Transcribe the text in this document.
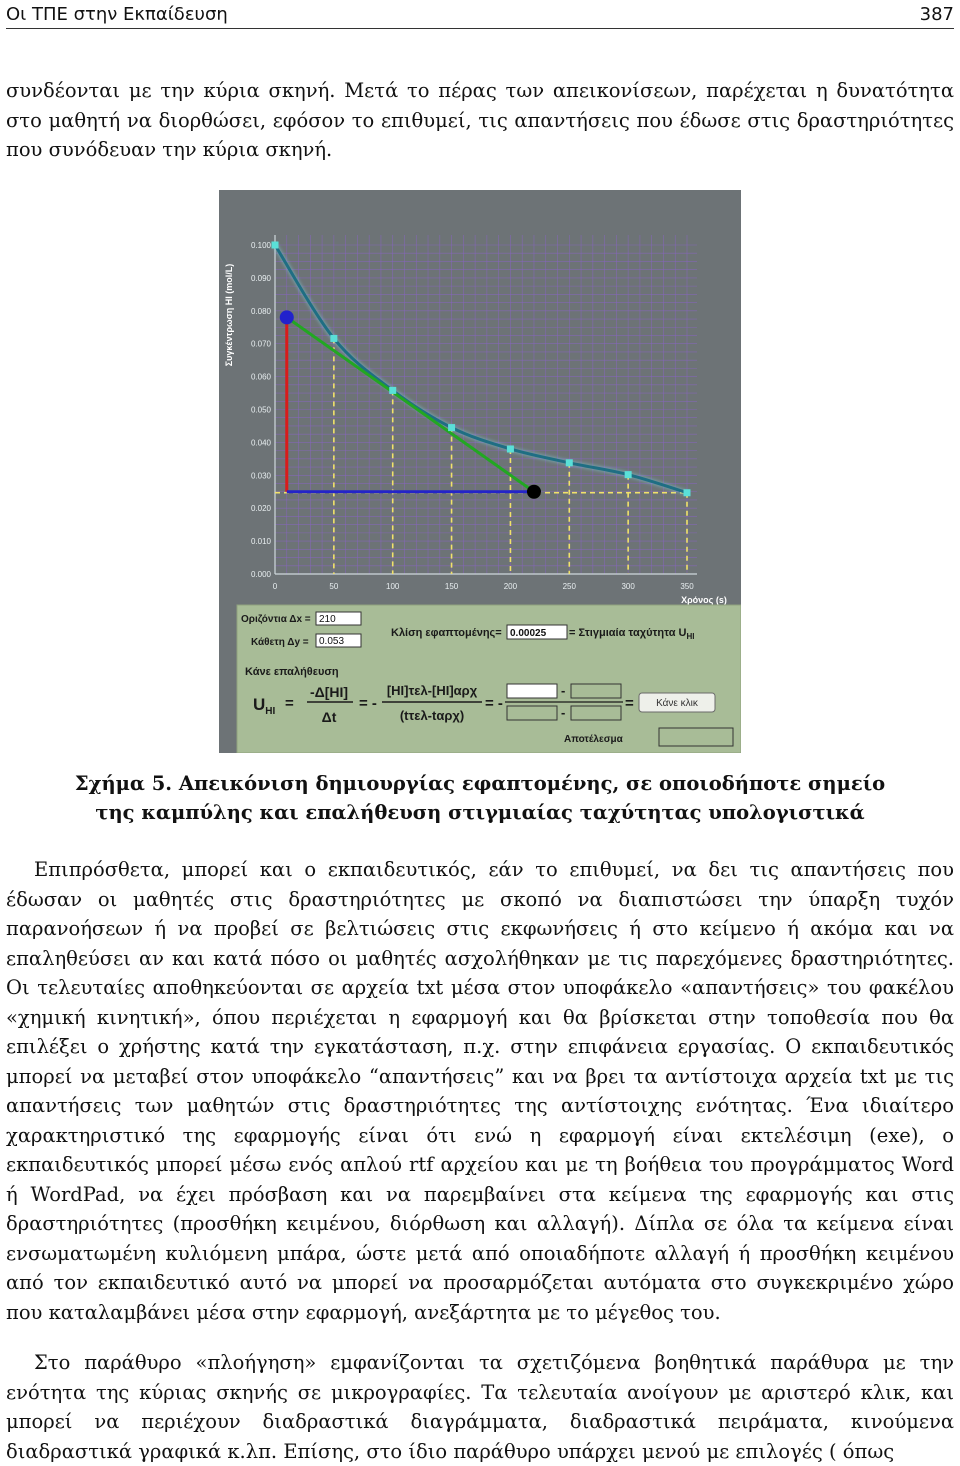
Οι ΤΠΕ στην Εκπαίδευση	387

συνδέονται με την κύρια σκηνή. Μετά το πέρας των απεικονίσεων, παρέχεται η δυνατότητα στο μαθητή να διορθώσει, εφόσον το επιθυμεί, τις απαντήσεις που έδωσε στις δραστηριότητες που συνόδευαν την κύρια σκηνή.

0.000
0.010
0.020
0.030
0.040
0.050
0.060
0.070
0.080
0.090
0.100
0	50	100	150	200	250	300	350
Συγκέντρωση HI (mol/L)
Χρόνος (s)
Οριζόντια Δx = 210
Κάθετη Δy = 0.053
Κλίση εφαπτομένης= 0.00025 = Στιγμιαία ταχύτητα $U_{HI}$
Κάνε επαλήθευση
$U_{HI}$ =
-Δ[HI]
Δt
= -
[HI]τελ-[HI]αρχ
(tτελ-tαρχ)
= -
-
-
= Κάνε κλικ
Αποτέλεσμα
Σχήμα 5. Απεικόνιση δημιουργίας εφαπτομένης, σε οποιοδήποτε σημείο της καμπύλης και επαλήθευση στιγμιαίας ταχύτητας υπολογιστικά

Επιπρόσθετα, μπορεί και ο εκπαιδευτικός, εάν το επιθυμεί, να δει τις απαντήσεις που έδωσαν οι μαθητές στις δραστηριότητες με σκοπό να διαπιστώσει την ύπαρξη τυχόν παρανοήσεων ή να προβεί σε βελτιώσεις στις εκφωνήσεις ή στο κείμενο ή ακόμα και να επαληθεύσει αν και κατά πόσο οι μαθητές ασχολήθηκαν με τις παρεχόμενες δραστηριότητες. Οι τελευταίες αποθηκεύονται σε αρχεία txt μέσα στον υποφάκελο «απαντήσεις» του φακέλου «χημική κινητική», όπου περιέχεται η εφαρμογή και θα βρίσκεται στην τοποθεσία που θα επιλέξει ο χρήστης κατά την εγκατάσταση, π.χ. στην επιφάνεια εργασίας. Ο εκπαιδευτικός μπορεί να μεταβεί στον υποφάκελο “απαντήσεις” και να βρει τα αντίστοιχα αρχεία txt με τις απαντήσεις των μαθητών στις δραστηριότητες της αντίστοιχης ενότητας. Ένα ιδιαίτερο χαρακτηριστικό της εφαρμογής είναι ότι ενώ η εφαρμογή είναι εκτελέσιμη (exe), ο εκπαιδευτικός μπορεί μέσω ενός απλού rtf αρχείου και με τη βοήθεια του προγράμματος Word ή WordPad, να έχει πρόσβαση και να παρεμβαίνει στα κείμενα της εφαρμογής και στις δραστηριότητες (προσθήκη κειμένου, διόρθωση και αλλαγή). Δίπλα σε όλα τα κείμενα είναι ενσωματωμένη κυλιόμενη μπάρα, ώστε μετά από οποιαδήποτε αλλαγή ή προσθήκη κειμένου από τον εκπαιδευτικό αυτό να μπορεί να προσαρμόζεται αυτόματα στο συγκεκριμένο χώρο που καταλαμβάνει μέσα στην εφαρμογή, ανεξάρτητα με το μέγεθος του.

Στο παράθυρο «πλοήγηση» εμφανίζονται τα σχετιζόμενα βοηθητικά παράθυρα με την ενότητα της κύριας σκηνής σε μικρογραφίες. Τα τελευταία ανοίγουν με αριστερό κλικ, και μπορεί να περιέχουν διαδραστικά διαγράμματα, διαδραστικά πειράματα, κινούμενα διαδραστικά γραφικά κ.λπ. Επίσης, στο ίδιο παράθυρο υπάρχει μενού με επιλογές ( όπως
